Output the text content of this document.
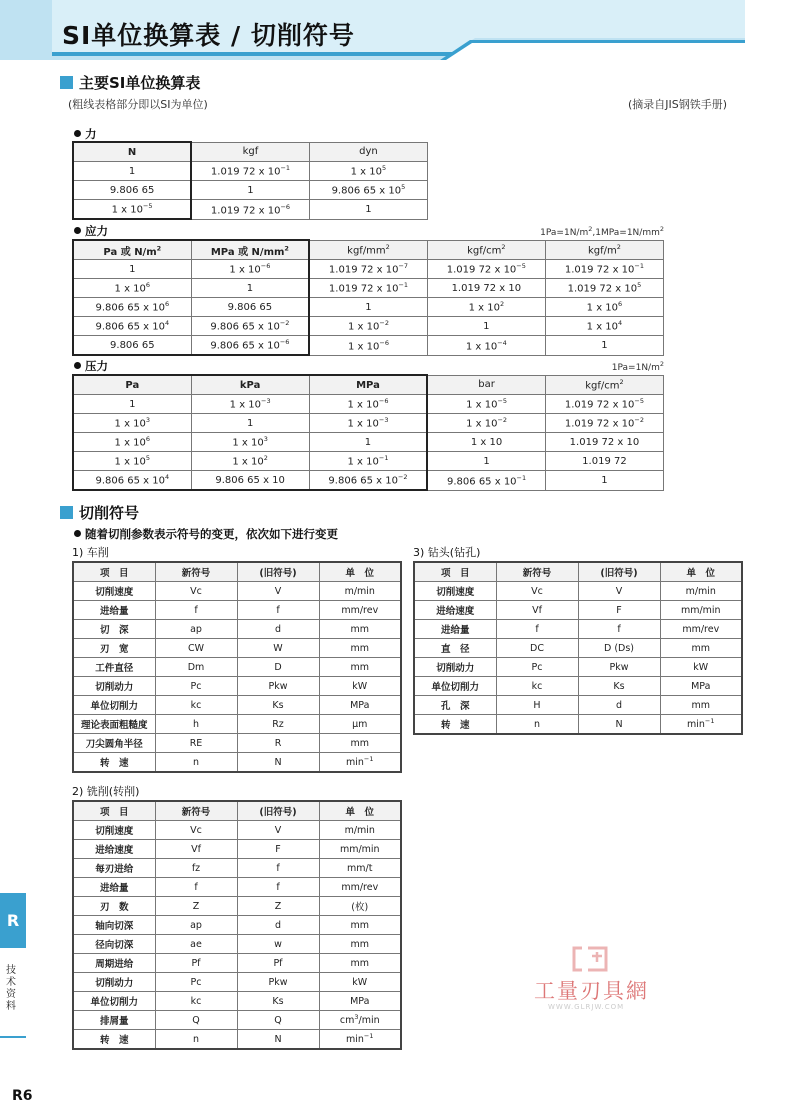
SI单位换算表 / 切削符号
主要SI单位换算表
(粗线表格部分即以SI为单位)	(摘录自JIS钢铁手册)
力
N	kgf	dyn
1	1.019 72 x $10^{-1}$	1 x $10^5$
9.806 65	1	9.806 65 x $10^5$
1 x $10^{-5}$	1.019 72 x $10^{-6}$	1
应力	$1Pa=1N/m^2,1MPa=1N/mm^2$
Pa 或 $N/m^2$	MPa 或 $N/mm^2$	kgf/$mm^2$	kgf/$cm^2$	kgf/$m^2$
1	1 x $10^{-6}$	1.019 72 x $10^{-7}$	1.019 72 x $10^{-5}$	1.019 72 x $10^{-1}$
1 x $10^6$	1	1.019 72 x $10^{-1}$	1.019 72 x 10	1.019 72 x $10^5$
9.806 65 x $10^6$	9.806 65	1	1 x $10^2$	1 x $10^6$
9.806 65 x $10^4$	9.806 65 x $10^{-2}$	1 x $10^{-2}$	1	1 x $10^4$
9.806 65	9.806 65 x $10^{-6}$	1 x $10^{-6}$	1 x $10^{-4}$	1
压力	$1Pa=1N/m^2$
Pa	kPa	MPa	bar	kgf/$cm^2$
1	1 x $10^{-3}$	1 x $10^{-6}$	1 x $10^{-5}$	1.019 72 x $10^{-5}$
1 x $10^3$	1	1 x $10^{-3}$	1 x $10^{-2}$	1.019 72 x $10^{-2}$
1 x $10^6$	1 x $10^3$	1	1 x 10	1.019 72 x 10
1 x $10^5$	1 x $10^2$	1 x $10^{-1}$	1	1.019 72
9.806 65 x $10^4$	9.806 65 x 10	9.806 65 x $10^{-2}$	9.806 65 x $10^{-1}$	1
切削符号
随着切削参数表示符号的变更，依次如下进行变更
1) 车削
项　目	新符号	(旧符号)	单　位
切削速度	Vc	V	m/min
进给量	f	f	mm/rev
切　深	ap	d	mm
刃　宽	CW	W	mm
工件直径	Dm	D	mm
切削动力	Pc	Pkw	kW
单位切削力	kc	Ks	MPa
理论表面粗糙度	h	Rz	μm
刀尖圆角半径	RE	R	mm
转　速	n	N	$\min^{-1}$
3) 钻头(钻孔)
项　目	新符号	(旧符号)	单　位
切削速度	Vc	V	m/min
进给速度	Vf	F	mm/min
进给量	f	f	mm/rev
直　径	DC	D (Ds)	mm
切削动力	Pc	Pkw	kW
单位切削力	kc	Ks	MPa
孔　深	H	d	mm
转　速	n	N	$\min^{-1}$
2) 铣削(转削)
项　目	新符号	(旧符号)	单　位
切削速度	Vc	V	m/min
进给速度	Vf	F	mm/min
每刃进给	fz	f	mm/t
进给量	f	f	mm/rev
刃　数	Z	Z	(枚)
轴向切深	ap	d	mm
径向切深	ae	w	mm
周期进给	Pf	Pf	mm
切削动力	Pc	Pkw	kW
单位切削力	kc	Ks	MPa
排屑量	Q	Q	$cm^3/\min$
转　速	n	N	$\min^{-1}$
R
技术资料
工量刃具網
WWW.GLRJW.COM
R6
